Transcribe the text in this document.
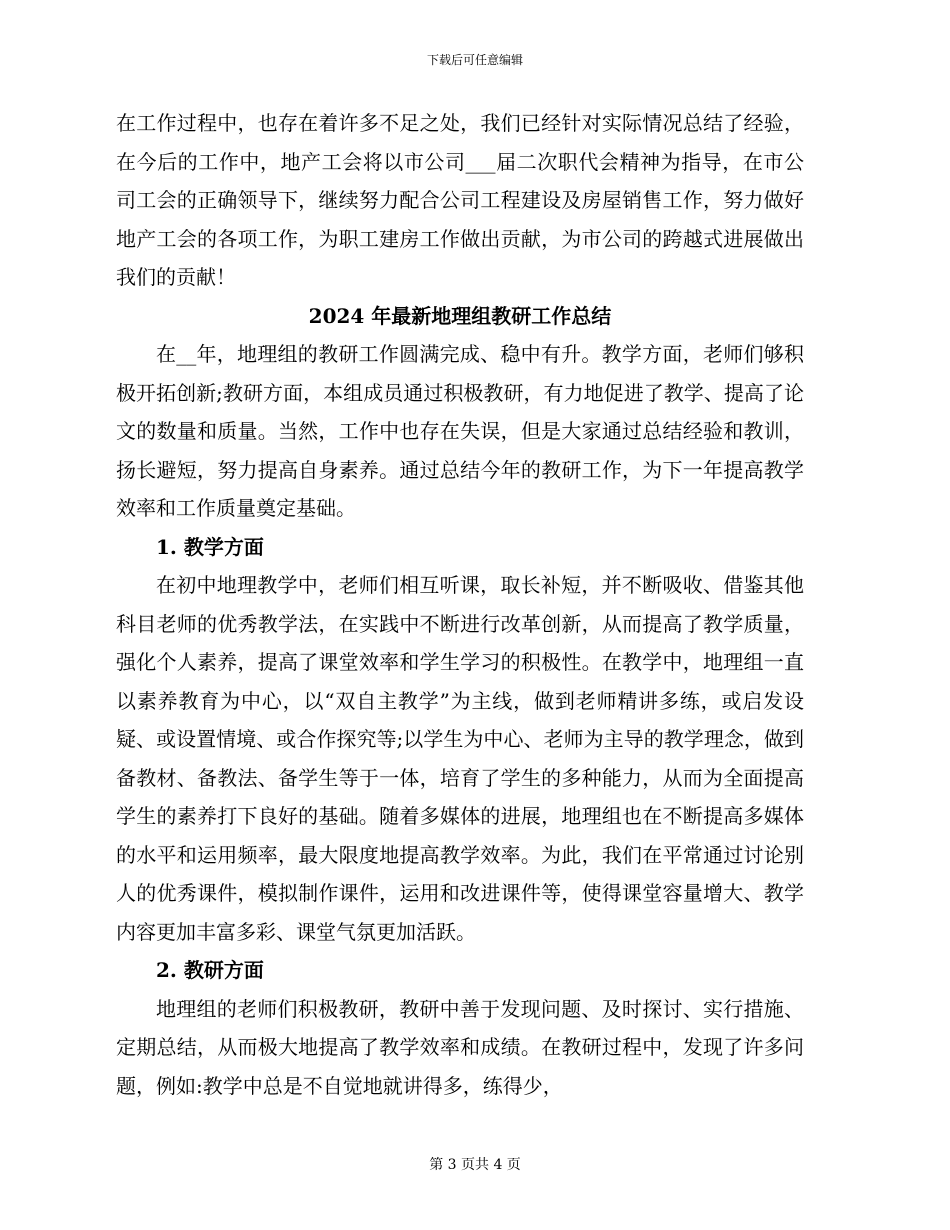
下载后可任意编辑

在工作过程中，也存在着许多不足之处，我们已经针对实际情况总结了经验，在今后的工作中，地产工会将以市公司___届二次职代会精神为指导，在市公司工会的正确领导下，继续努力配合公司工程建设及房屋销售工作，努力做好地产工会的各项工作，为职工建房工作做出贡献，为市公司的跨越式进展做出我们的贡献！

2024 年最新地理组教研工作总结

在__年，地理组的教研工作圆满完成、稳中有升。教学方面，老师们够积极开拓创新;教研方面，本组成员通过积极教研，有力地促进了教学、提高了论文的数量和质量。当然，工作中也存在失误，但是大家通过总结经验和教训，扬长避短，努力提高自身素养。通过总结今年的教研工作，为下一年提高教学效率和工作质量奠定基础。

1. 教学方面

在初中地理教学中，老师们相互听课，取长补短，并不断吸收、借鉴其他科目老师的优秀教学法，在实践中不断进行改革创新，从而提高了教学质量，强化个人素养，提高了课堂效率和学生学习的积极性。在教学中，地理组一直以素养教育为中心，以“双自主教学”为主线，做到老师精讲多练，或启发设疑、或设置情境、或合作探究等;以学生为中心、老师为主导的教学理念，做到备教材、备教法、备学生等于一体，培育了学生的多种能力，从而为全面提高学生的素养打下良好的基础。随着多媒体的进展，地理组也在不断提高多媒体的水平和运用频率，最大限度地提高教学效率。为此，我们在平常通过讨论别人的优秀课件，模拟制作课件，运用和改进课件等，使得课堂容量增大、教学内容更加丰富多彩、课堂气氛更加活跃。

2. 教研方面

地理组的老师们积极教研，教研中善于发现问题、及时探讨、实行措施、定期总结，从而极大地提高了教学效率和成绩。在教研过程中，发现了许多问题，例如:教学中总是不自觉地就讲得多，练得少，

第 3 页共 4 页
